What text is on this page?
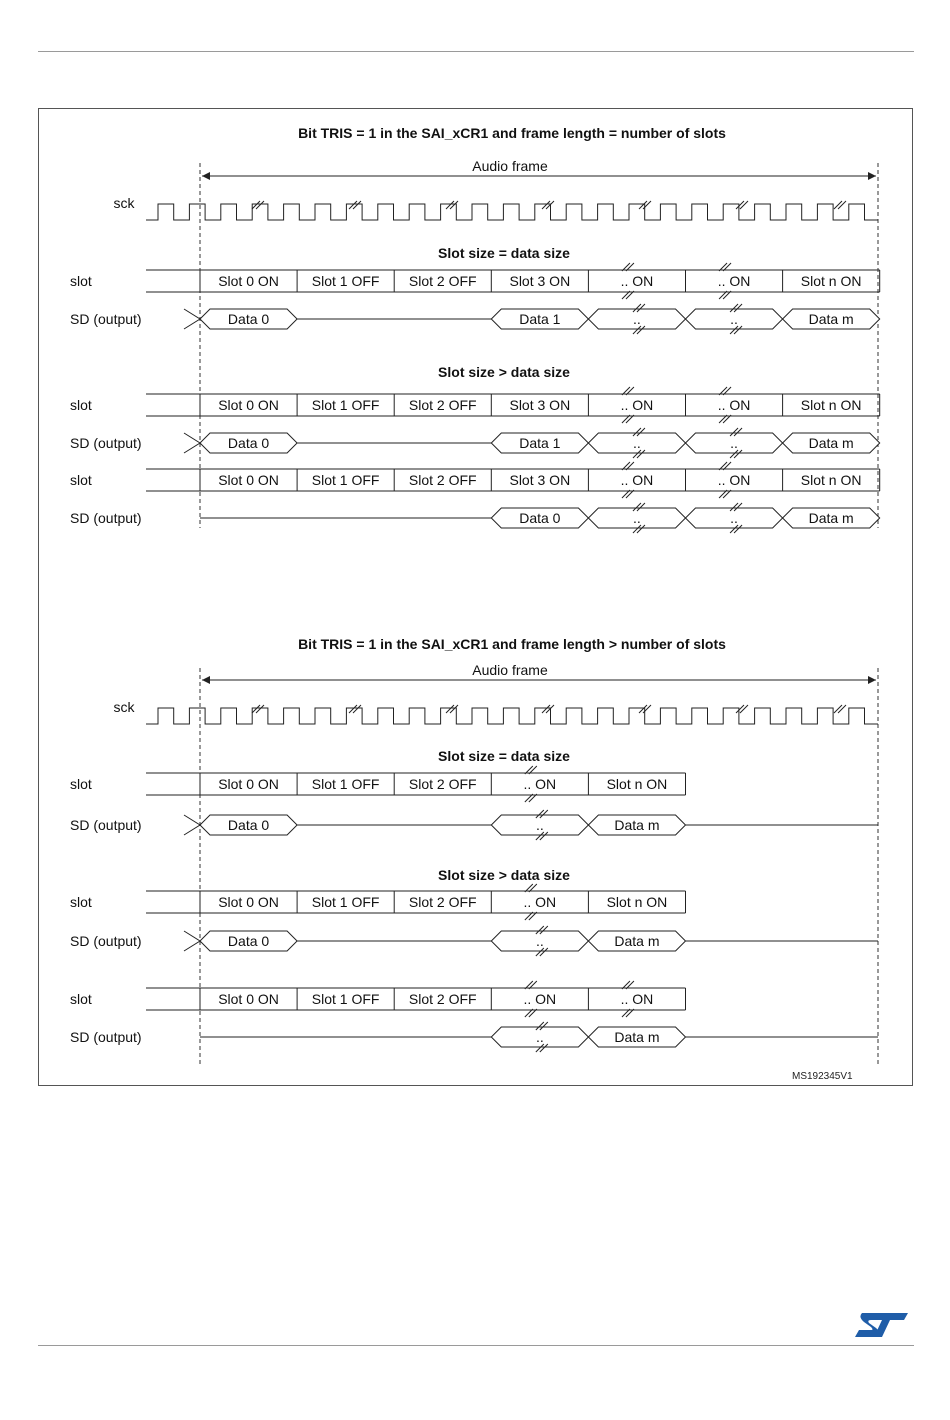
Bit TRIS = 1 in the SAI_xCR1 and frame length = number of slots
Audio frame
sck
Slot size = data size
slot	Slot 0 ON Slot 1 OFF Slot 2 OFF Slot 3 ON	.. ON	.. ON	Slot n ON
SD (output)	Data 0	Data 1	..	..	Data m
Slot size > data size
slot	Slot 0 ON Slot 1 OFF Slot 2 OFF Slot 3 ON	.. ON	.. ON	Slot n ON
SD (output)	Data 0	Data 1	..	..	Data m
slot	Slot 0 ON Slot 1 OFF Slot 2 OFF Slot 3 ON	.. ON	.. ON	Slot n ON
SD (output)	Data 0	..	..	Data m
Bit TRIS = 1 in the SAI_xCR1 and frame length > number of slots
Audio frame
sck
Slot size = data size
slot	Slot 0 ON Slot 1 OFF Slot 2 OFF	.. ON	Slot n ON
SD (output)	Data 0	..	Data m
Slot size > data size
slot	Slot 0 ON Slot 1 OFF Slot 2 OFF	.. ON	Slot n ON
SD (output)	Data 0	..	Data m
slot	Slot 0 ON Slot 1 OFF Slot 2 OFF	.. ON	.. ON
SD (output)	..	Data m
MS192345V1
